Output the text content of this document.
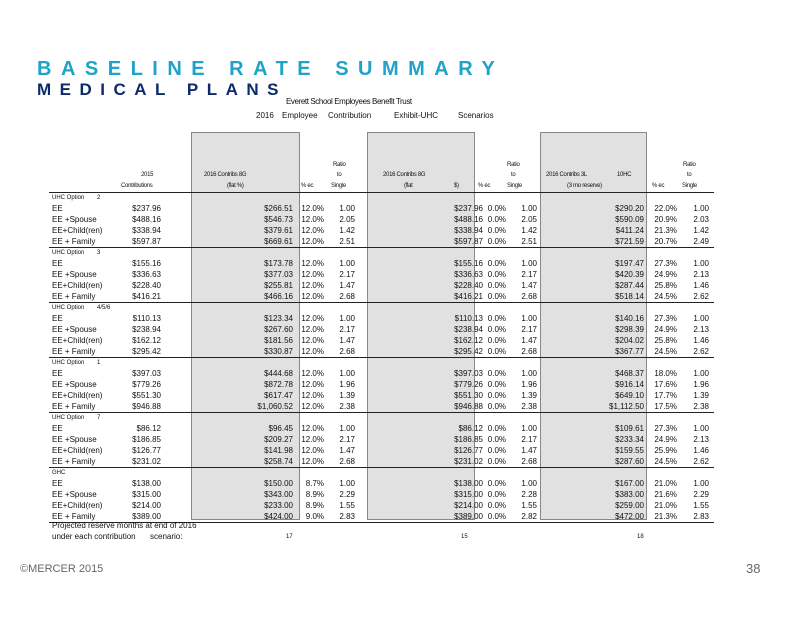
BASELINE RATE SUMMARY
MEDICAL PLANS
Everett School Employees Benefit Trust
2016	Employee	Contribution	Exhibit-UHC	Scenarios
2015
Contributions
2016 Contribs 8G
(flat %)
Ratio
to
% ec	Single
2016 Contribs 8G
(flat	$)
Ratio
to
% ec	Single
2016 Contribs 3L	10HC
(3 mo reserve)
Ratio
to
% ec	Single
UHC Option 2
EE	$237.96	$266.51	12.0%	1.00	$237.96 0.0%	1.00	$290.20	22.0%	1.00
EE +Spouse	$488.16	$546.73	12.0%	2.05	$488.16 0.0%	2.05	$590.09	20.9%	2.03
EE+Child(ren)	$338.94	$379.61	12.0%	1.42	$338.94 0.0%	1.42	$411.24	21.3%	1.42
EE + Family	$597.87	$669.61	12.0%	2.51	$597.87 0.0%	2.51	$721.59	20.7%	2.49
UHC Option 3
EE	$155.16	$173.78	12.0%	1.00	$155.16 0.0%	1.00	$197.47	27.3%	1.00
EE +Spouse	$336.63	$377.03	12.0%	2.17	$336.63 0.0%	2.17	$420.39	24.9%	2.13
EE+Child(ren)	$228.40	$255.81	12.0%	1.47	$228.40 0.0%	1.47	$287.44	25.8%	1.46
EE + Family	$416.21	$466.16	12.0%	2.68	$416.21 0.0%	2.68	$518.14	24.5%	2.62
UHC Option 4/5/6
EE	$110.13	$123.34	12.0%	1.00	$110.13 0.0%	1.00	$140.16	27.3%	1.00
EE +Spouse	$238.94	$267.60	12.0%	2.17	$238.94 0.0%	2.17	$298.39	24.9%	2.13
EE+Child(ren)	$162.12	$181.56	12.0%	1.47	$162.12 0.0%	1.47	$204.02	25.8%	1.46
EE + Family	$295.42	$330.87	12.0%	2.68	$295.42 0.0%	2.68	$367.77	24.5%	2.62
UHC Option 1
EE	$397.03	$444.68	12.0%	1.00	$397.03 0.0%	1.00	$468.37	18.0%	1.00
EE +Spouse	$779.26	$872.78	12.0%	1.96	$779.26 0.0%	1.96	$916.14	17.6%	1.96
EE+Child(ren)	$551.30	$617.47	12.0%	1.39	$551.30 0.0%	1.39	$649.10	17.7%	1.39
EE + Family	$946.88	$1,060.52	12.0%	2.38	$946.88 0.0%	2.38	$1,112.50	17.5%	2.38
UHC Option 7
EE	$86.12	$96.45	12.0%	1.00	$86.12 0.0%	1.00	$109.61	27.3%	1.00
EE +Spouse	$186.85	$209.27	12.0%	2.17	$186.85 0.0%	2.17	$233.34	24.9%	2.13
EE+Child(ren)	$126.77	$141.98	12.0%	1.47	$126.77 0.0%	1.47	$159.55	25.9%	1.46
EE + Family	$231.02	$258.74	12.0%	2.68	$231.02 0.0%	2.68	$287.60	24.5%	2.62
GHC
EE	$138.00	$150.00	8.7%	1.00	$138.00 0.0%	1.00	$167.00	21.0%	1.00
EE +Spouse	$315.00	$343.00	8.9%	2.29	$315.00 0.0%	2.28	$383.00	21.6%	2.29
EE+Child(ren)	$214.00	$233.00	8.9%	1.55	$214.00 0.0%	1.55	$259.00	21.0%	1.55
EE + Family	$389.00	$424.00	9.0%	2.83	$389.00 0.0%	2.82	$472.00	21.3%	2.83
Projected reserve months at end of 2016
under each contribution scenario:	17	15	18
©MERCER 2015	38
